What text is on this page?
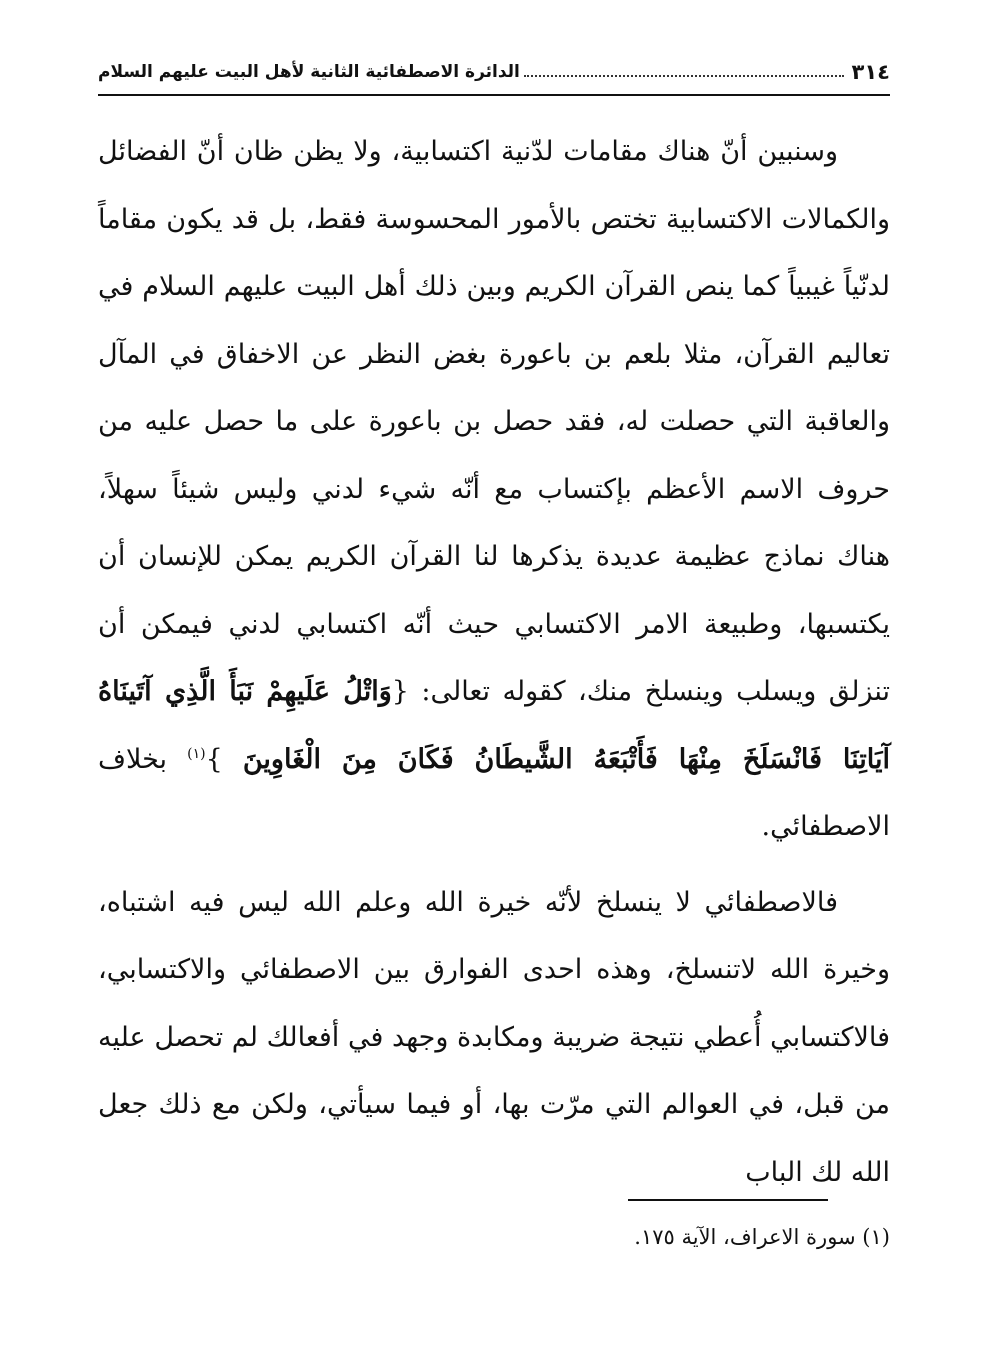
٣١٤
الدائرة الاصطفائية الثانية لأهل البيت عليهم السلام

وسنبين أنّ هناك مقامات لدّنية اكتسابية، ولا يظن ظان أنّ الفضائل والكمالات الاكتسابية تختص بالأمور المحسوسة فقط، بل قد يكون مقاماً لدنّياً غيبياً كما ينص القرآن الكريم وبين ذلك أهل البيت عليهم السلام في تعاليم القرآن، مثلا بلعم بن باعورة بغض النظر عن الاخفاق في المآل والعاقبة التي حصلت له، فقد حصل بن باعورة على ما حصل عليه من حروف الاسم الأعظم بإكتساب مع أنّه شيء لدني وليس شيئاً سهلاً، هناك نماذج عظيمة عديدة يذكرها لنا القرآن الكريم يمكن للإنسان أن يكتسبها، وطبيعة الامر الاكتسابي حيث أنّه اكتسابي لدني فيمكن أن تنزلق ويسلب وينسلخ منك، كقوله تعالى: {وَاتْلُ عَلَيهِمْ نَبَأَ الَّذِي آتَينَاهُ آيَاتِنَا فَانْسَلَخَ مِنْهَا فَأَتْبَعَهُ الشَّيطَانُ فَكَانَ مِنَ الْغَاوِينَ }$^{(١)}$ بخلاف الاصطفائي.

فالاصطفائي لا ينسلخ لأنّه خيرة الله وعلم الله ليس فيه اشتباه، وخيرة الله لاتنسلخ، وهذه احدى الفوارق بين الاصطفائي والاكتسابي، فالاكتسابي أُعطي نتيجة ضريبة ومكابدة وجهد في أفعالك لم تحصل عليه من قبل، في العوالم التي مرّت بها، أو فيما سيأتي، ولكن مع ذلك جعل الله لك الباب

(١) سورة الاعراف، الآية ١٧٥.
